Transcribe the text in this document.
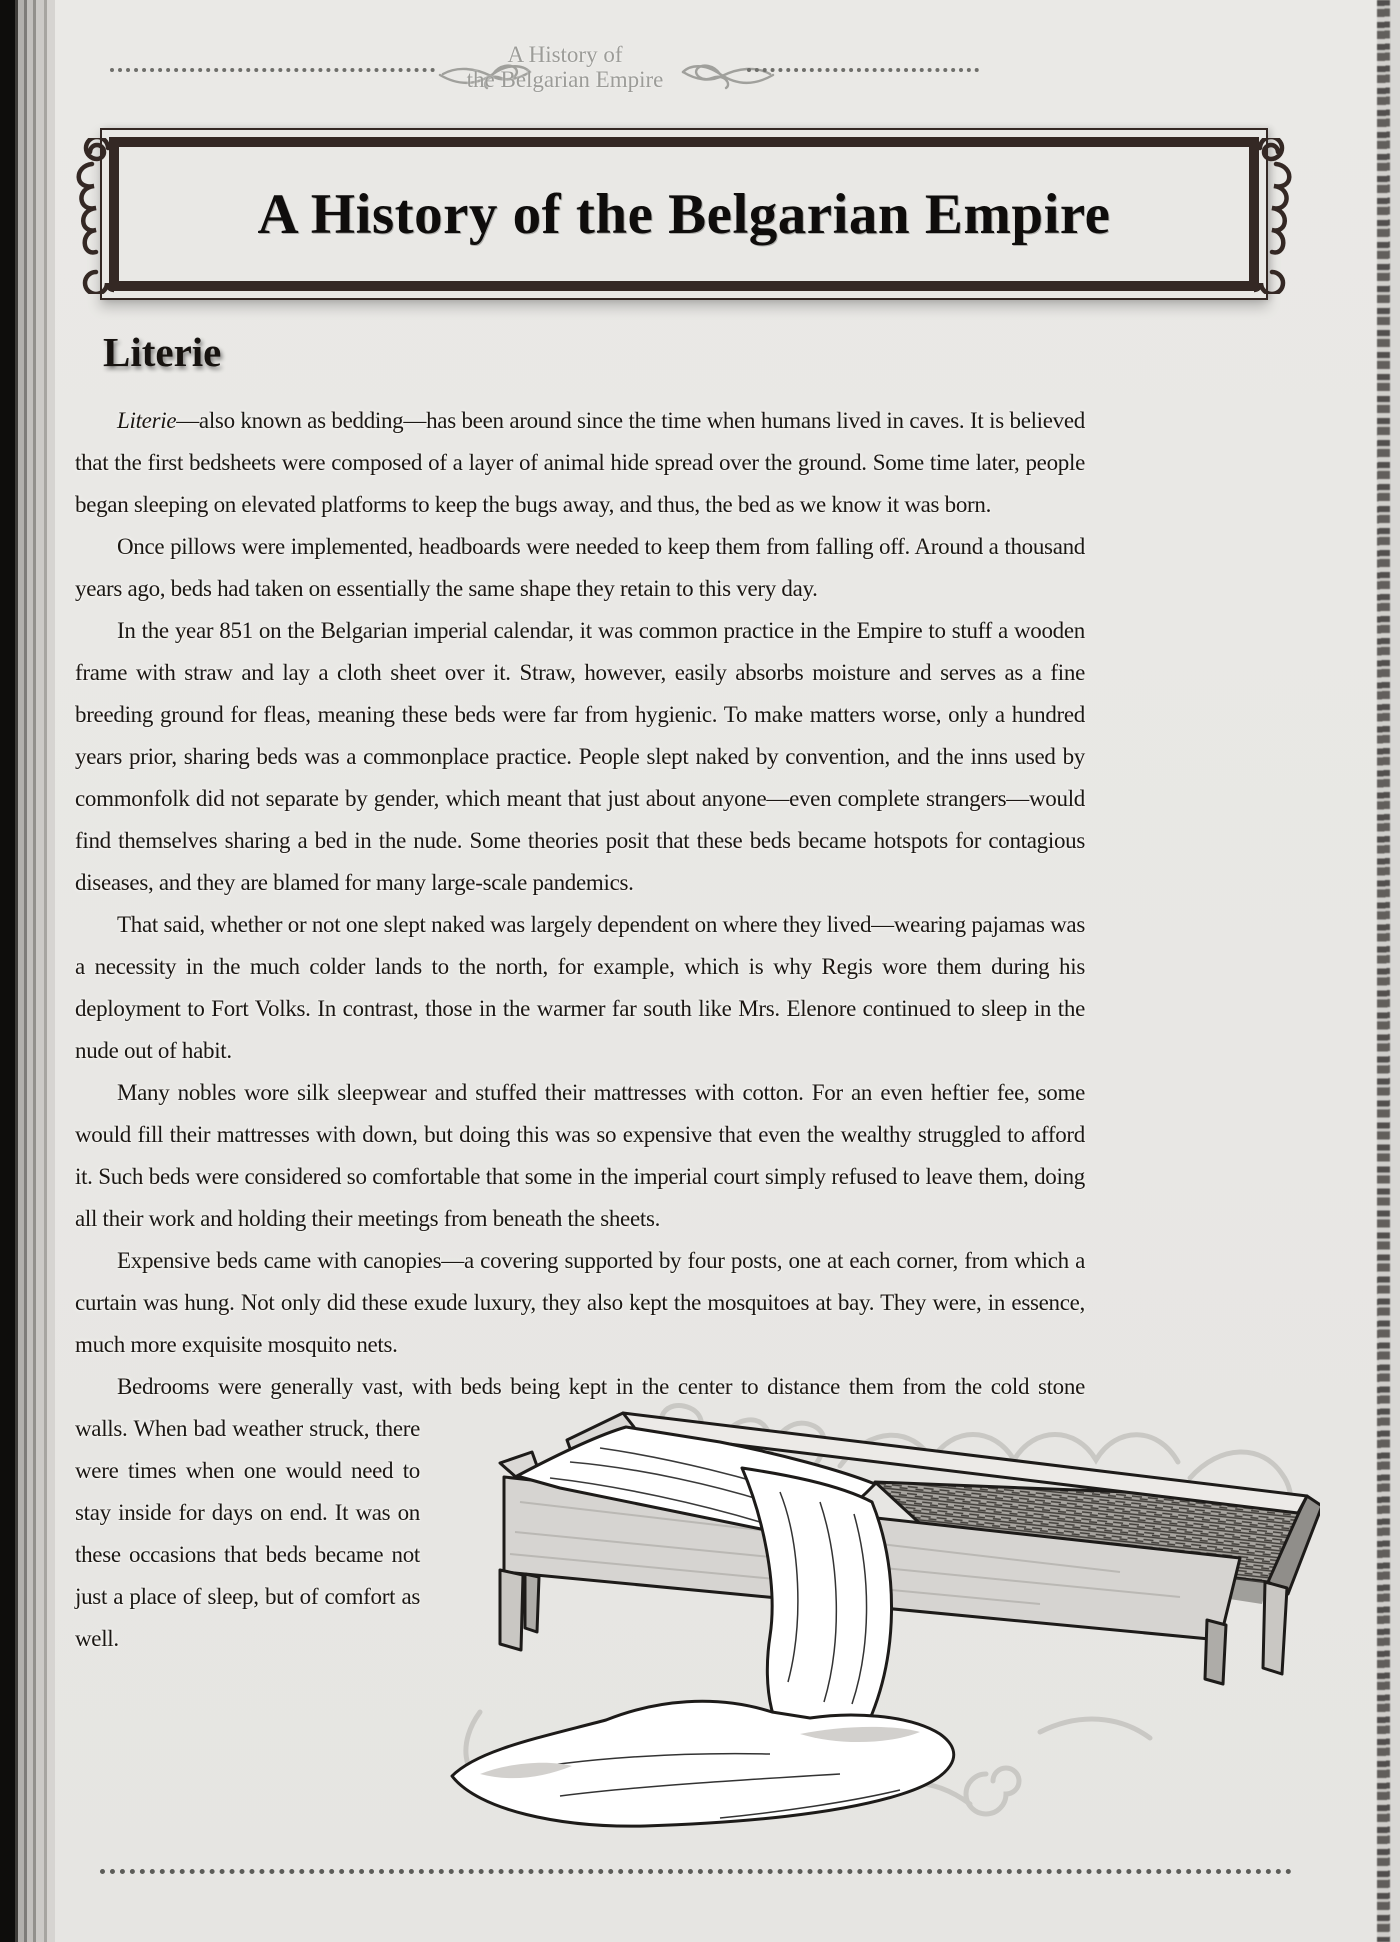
A History of
the Belgarian Empire
A History of the Belgarian Empire
Literie

Literie—also known as bedding—has been around since the time when humans lived in caves. It is believed that the first bedsheets were composed of a layer of animal hide spread over the ground. Some time later, people began sleeping on elevated platforms to keep the bugs away, and thus, the bed as we know it was born.

Once pillows were implemented, headboards were needed to keep them from falling off. Around a thousand years ago, beds had taken on essentially the same shape they retain to this very day.

In the year 851 on the Belgarian imperial calendar, it was common practice in the Empire to stuff a wooden frame with straw and lay a cloth sheet over it. Straw, however, easily absorbs moisture and serves as a fine breeding ground for fleas, meaning these beds were far from hygienic. To make matters worse, only a hundred years prior, sharing beds was a commonplace practice. People slept naked by convention, and the inns used by commonfolk did not separate by gender, which meant that just about anyone—even complete strangers—would find themselves sharing a bed in the nude. Some theories posit that these beds became hotspots for contagious diseases, and they are blamed for many large-scale pandemics.

That said, whether or not one slept naked was largely dependent on where they lived—wearing pajamas was a necessity in the much colder lands to the north, for example, which is why Regis wore them during his deployment to Fort Volks. In contrast, those in the warmer far south like Mrs. Elenore continued to sleep in the nude out of habit.

Many nobles wore silk sleepwear and stuffed their mattresses with cotton. For an even heftier fee, some would fill their mattresses with down, but doing this was so expensive that even the wealthy struggled to afford it. Such beds were considered so comfortable that some in the imperial court simply refused to leave them, doing all their work and holding their meetings from beneath the sheets.

Expensive beds came with canopies—a covering supported by four posts, one at each corner, from which a curtain was hung. Not only did these exude luxury, they also kept the mosquitoes at bay. They were, in essence, much more exquisite mosquito nets.

Bedrooms were generally vast, with beds being kept in the center to distance them from the cold stone walls. When bad weather struck, there were times when one would need to stay inside for days on end. It was on these occasions that beds became not just a place of sleep, but of comfort as well.
